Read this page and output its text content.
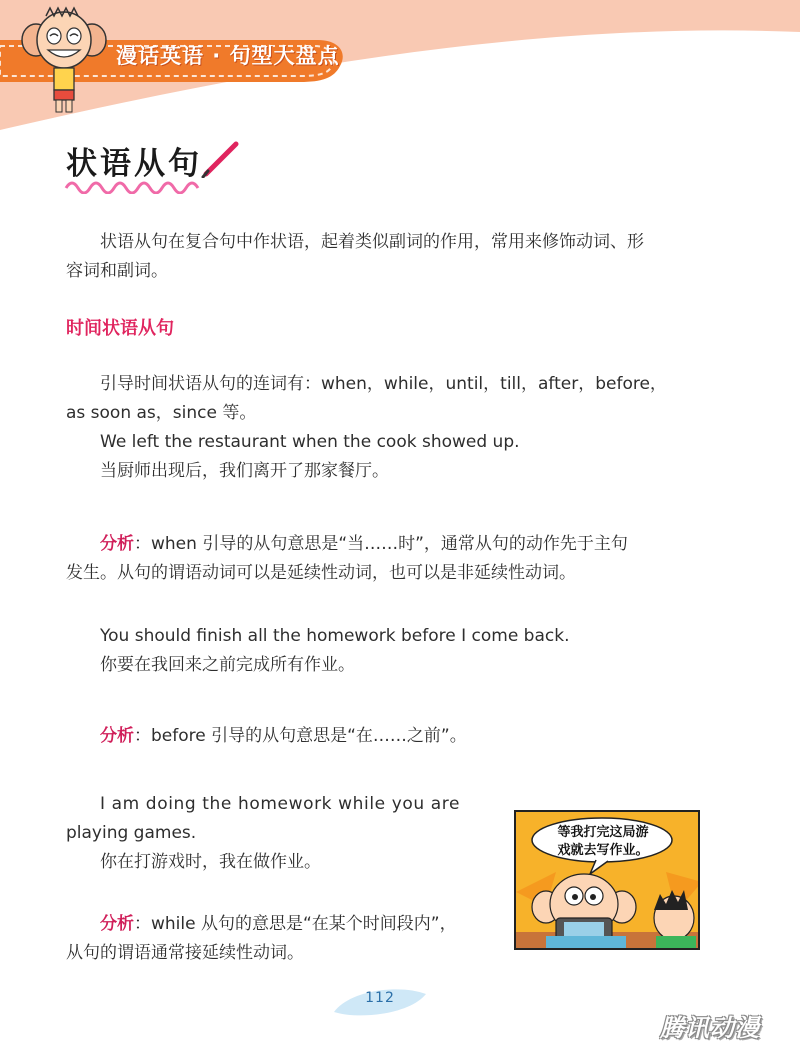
漫话英语 · 句型大盘点
状语从句
状语从句在复合句中作状语，起着类似副词的作用，常用来修饰动词、形
容词和副词。
时间状语从句
引导时间状语从句的连词有：when，while，until，till，after，before，
as soon as，since 等。
We left the restaurant when the cook showed up.
当厨师出现后，我们离开了那家餐厅。
分析：when 引导的从句意思是“当……时”，通常从句的动作先于主句
发生。从句的谓语动词可以是延续性动词，也可以是非延续性动词。
You should finish all the homework before I come back.
你要在我回来之前完成所有作业。
分析：before 引导的从句意思是“在……之前”。
I am doing the homework while you are
playing games.
你在打游戏时，我在做作业。
分析：while 从句的意思是“在某个时间段内”，
从句的谓语通常接延续性动词。
等我打完这局游
戏就去写作业。
112
腾讯动漫
